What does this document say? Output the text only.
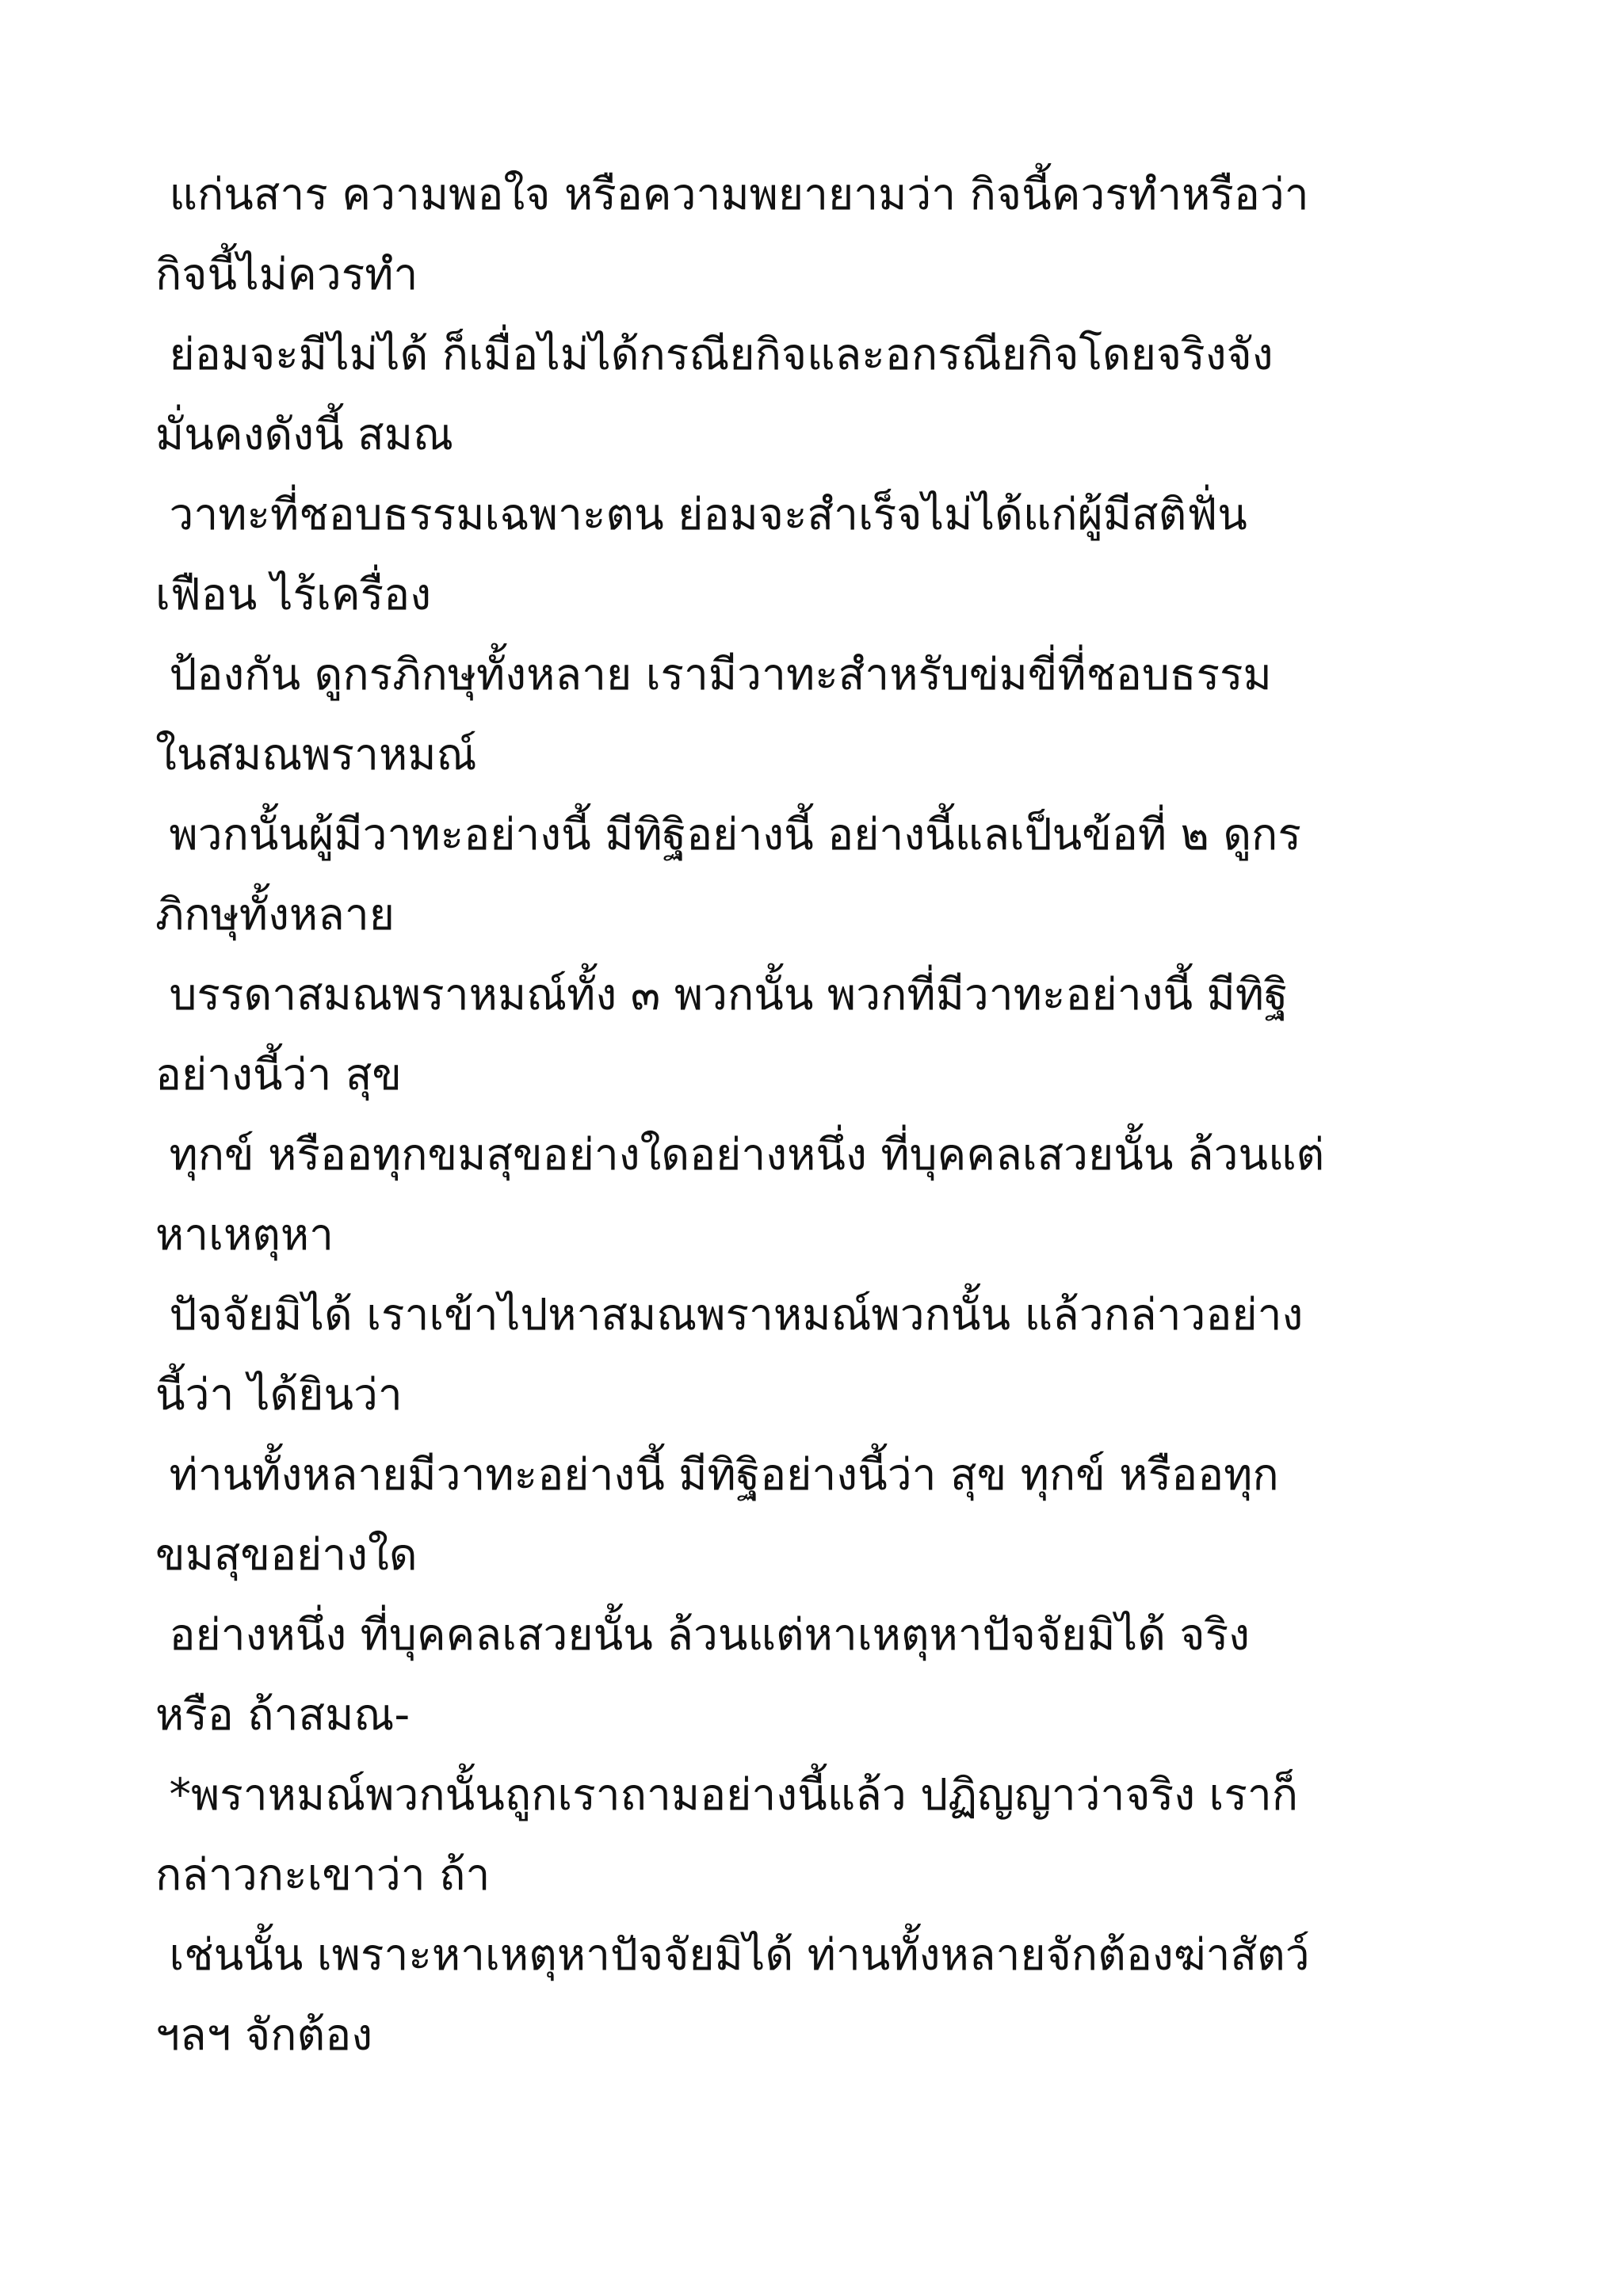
แก่นสาร ความพอใจ หรือความพยายามว่า กิจนี้ควรทำหรือว่า
กิจนี้ไม่ควรทำ
ย่อมจะมีไม่ได้ ก็เมื่อไม่ได้กรณียกิจและอกรณียกิจโดยจริงจัง
มั่นคงดังนี้ สมณ
วาทะที่ชอบธรรมเฉพาะตน ย่อมจะสำเร็จไม่ได้แก่ผู้มีสติฟั่น
เฟือน ไร้เครื่อง
ป้องกัน ดูกรภิกษุทั้งหลาย เรามีวาทะสำหรับข่มขี่ที่ชอบธรรม
ในสมณพราหมณ์
พวกนั้นผู้มีวาทะอย่างนี้ มีทิฐิอย่างนี้ อย่างนี้แลเป็นข้อที่ ๒ ดูกร
ภิกษุทั้งหลาย
บรรดาสมณพราหมณ์ทั้ง ๓ พวกนั้น พวกที่มีวาทะอย่างนี้ มีทิฐิ
อย่างนี้ว่า สุข
ทุกข์ หรืออทุกขมสุขอย่างใดอย่างหนึ่ง ที่บุคคลเสวยนั้น ล้วนแต่
หาเหตุหา
ปัจจัยมิได้ เราเข้าไปหาสมณพราหมณ์พวกนั้น แล้วกล่าวอย่าง
นี้ว่า ได้ยินว่า
ท่านทั้งหลายมีวาทะอย่างนี้ มีทิฐิอย่างนี้ว่า สุข ทุกข์ หรืออทุก
ขมสุขอย่างใด
อย่างหนึ่ง ที่บุคคลเสวยนั้น ล้วนแต่หาเหตุหาปัจจัยมิได้ จริง
หรือ ถ้าสมณ-
*พราหมณ์พวกนั้นถูกเราถามอย่างนี้แล้ว ปฏิญญาว่าจริง เราก็
กล่าวกะเขาว่า ถ้า
เช่นนั้น เพราะหาเหตุหาปัจจัยมิได้ ท่านทั้งหลายจักต้องฆ่าสัตว์
ฯลฯ จักต้อง
